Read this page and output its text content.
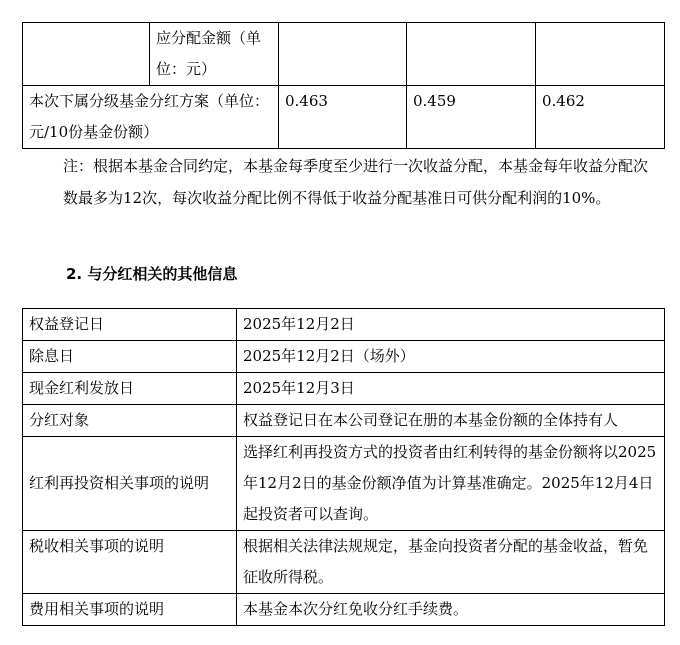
	应分配金额（单位：元）			
本次下属分级基金分红方案（单位：元/10份基金份额）		0.463	0.459	0.462
注：根据本基金合同约定，本基金每季度至少进行一次收益分配，本基金每年收益分配次数最多为12次，每次收益分配比例不得低于收益分配基准日可供分配利润的10%。
2. 与分红相关的其他信息
权益登记日	2025年12月2日
除息日	2025年12月2日（场外）
现金红利发放日	2025年12月3日
分红对象	权益登记日在本公司登记在册的本基金份额的全体持有人
红利再投资相关事项的说明	选择红利再投资方式的投资者由红利转得的基金份额将以2025年12月2日的基金份额净值为计算基准确定。2025年12月4日起投资者可以查询。
税收相关事项的说明	根据相关法律法规规定，基金向投资者分配的基金收益，暂免征收所得税。
费用相关事项的说明	本基金本次分红免收分红手续费。
